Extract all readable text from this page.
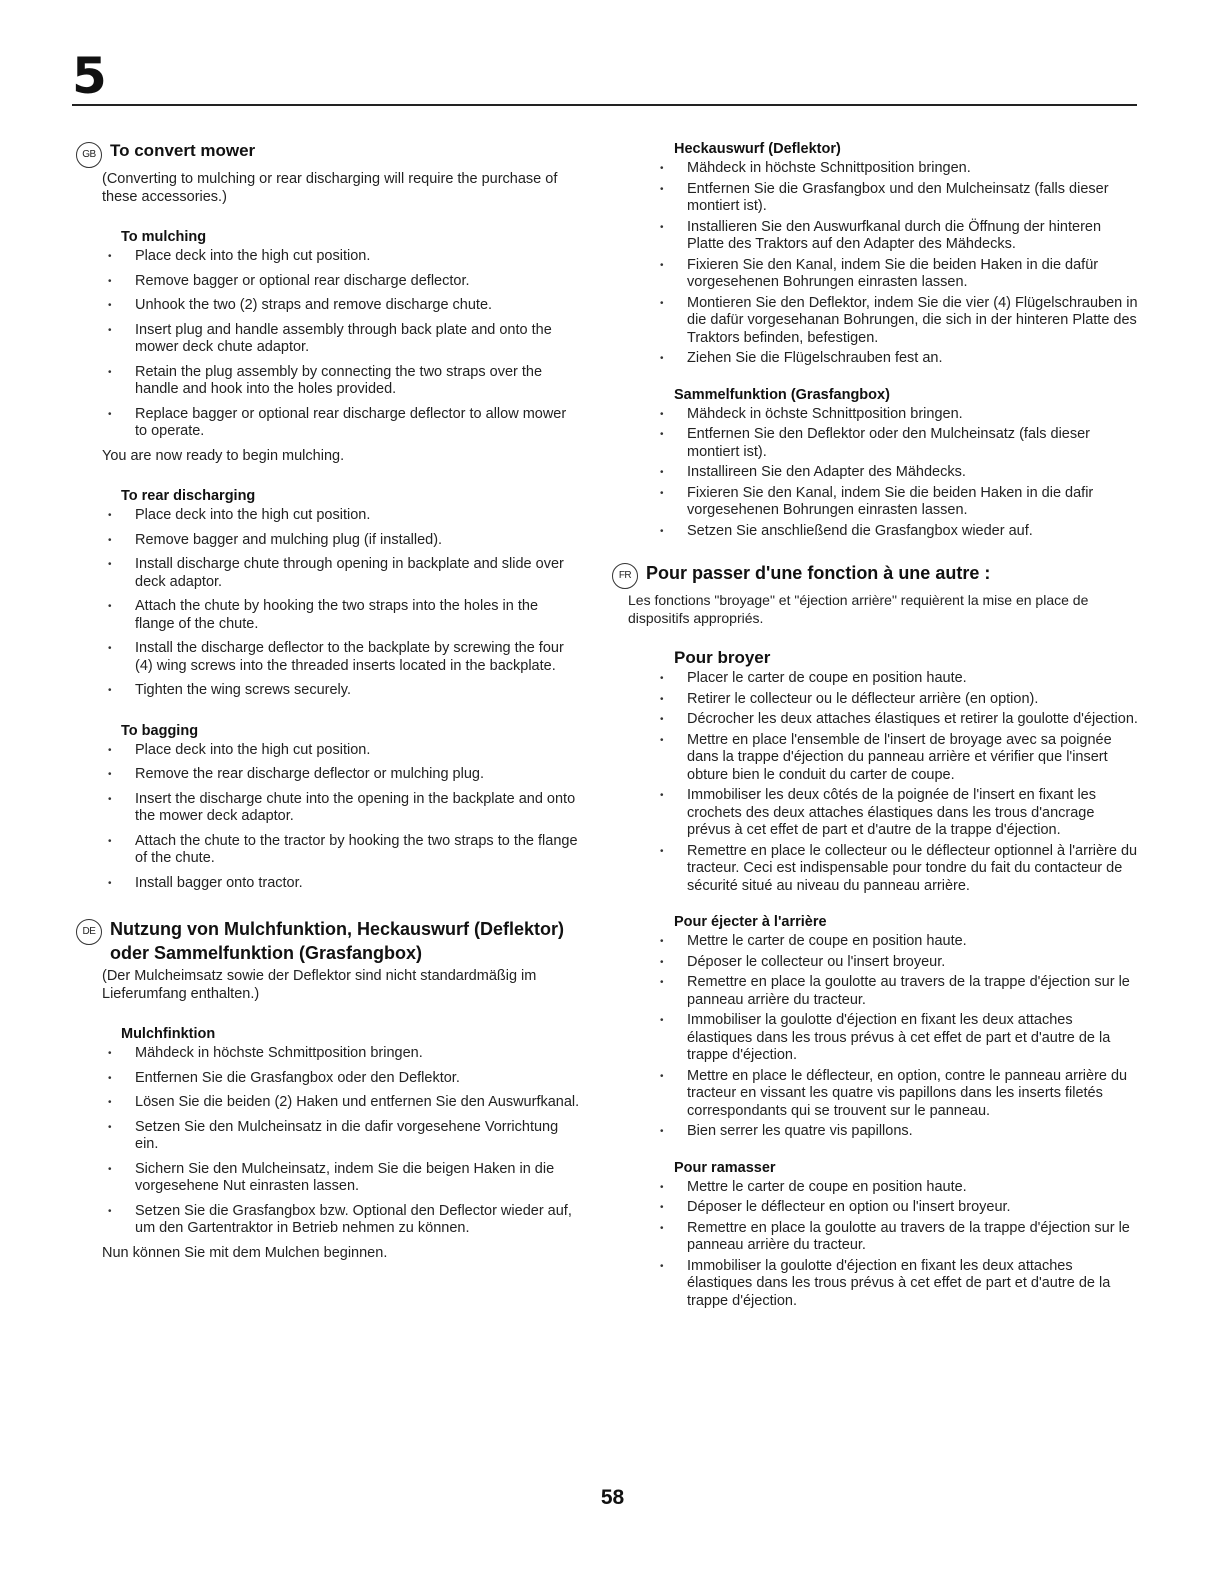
5
GB To convert mower
(Converting to mulching or rear discharging will require the purchase of these accessories.)
To mulching
• Place deck into the high cut position.
• Remove bagger or optional rear discharge deflector.
• Unhook the two (2) straps and remove discharge chute.
• Insert plug and handle assembly through back plate and onto the mower deck chute adaptor.
• Retain the plug assembly by connecting the two straps over the handle and hook into the holes provided.
• Replace bagger or optional rear discharge deflector to allow mower to operate.
You are now ready to begin mulching.
To rear discharging
• Place deck into the high cut position.
• Remove bagger and mulching plug (if installed).
• Install discharge chute through opening in backplate and slide over deck adaptor.
• Attach the chute by hooking the two straps into the holes in the flange of the chute.
• Install the discharge deflector to the backplate by screwing the four (4) wing screws into the threaded inserts located in the backplate.
• Tighten the wing screws securely.
To bagging
• Place deck into the high cut position.
• Remove the rear discharge deflector or mulching plug.
• Insert the discharge chute into the opening in the backplate and onto the mower deck adaptor.
• Attach the chute to the tractor by hooking the two straps to the flange of the chute.
• Install bagger onto tractor.
DE Nutzung von Mulchfunktion, Heckauswurf (Deflektor) oder Sammelfunktion (Grasfangbox)
(Der Mulcheimsatz sowie der Deflektor sind nicht standardmäßig im Lieferumfang enthalten.)
Mulchfinktion
• Mähdeck in höchste Schmittposition bringen.
• Entfernen Sie die Grasfangbox oder den Deflektor.
• Lösen Sie die beiden (2) Haken und entfernen Sie den Auswurfkanal.
• Setzen Sie den Mulcheinsatz in die dafir vorgesehene Vorrichtung ein.
• Sichern Sie den Mulcheinsatz, indem Sie die beigen Haken in die vorgesehene Nut einrasten lassen.
• Setzen Sie die Grasfangbox bzw. Optional den Deflector wieder auf, um den Gartentraktor in Betrieb nehmen zu können.
Nun können Sie mit dem Mulchen beginnen.
Heckauswurf (Deflektor)
• Mähdeck in höchste Schnittposition bringen.
• Entfernen Sie die Grasfangbox und den Mulcheinsatz (falls dieser montiert ist).
• Installieren Sie den Auswurfkanal durch die Öffnung der hinteren Platte des Traktors auf den Adapter des Mähdecks.
• Fixieren Sie den Kanal, indem Sie die beiden Haken in die dafür vorgesehenen Bohrungen einrasten lassen.
• Montieren Sie den Deflektor, indem Sie die vier (4) Flügelschrauben in die dafür vorgesehanan Bohrungen, die sich in der hinteren Platte des Traktors befinden, befestigen.
• Ziehen Sie die Flügelschrauben fest an.
Sammelfunktion (Grasfangbox)
• Mähdeck in öchste Schnittposition bringen.
• Entfernen Sie den Deflektor oder den Mulcheinsatz (fals dieser montiert ist).
• Installireen Sie den Adapter des Mähdecks.
• Fixieren Sie den Kanal, indem Sie die beiden Haken in die dafir vorgesehenen Bohrungen einrasten lassen.
• Setzen Sie anschließend die Grasfangbox wieder auf.
FR Pour passer d'une fonction à une autre :
Les fonctions "broyage" et "éjection arrière" requièrent la mise en place de dispositifs appropriés.
Pour broyer
• Placer le carter de coupe en position haute.
• Retirer le collecteur ou le déflecteur arrière (en option).
• Décrocher les deux attaches élastiques et retirer la goulotte d'éjection.
• Mettre en place l'ensemble de l'insert de broyage avec sa poignée dans la trappe d'éjection du panneau arrière et vérifier que l'insert obture bien le conduit du carter de coupe.
• Immobiliser les deux côtés de la poignée de l'insert en fixant les crochets des deux attaches élastiques dans les trous d'ancrage prévus à cet effet de part et d'autre de la trappe d'éjection.
• Remettre en place le collecteur ou le déflecteur optionnel à l'arrière du tracteur. Ceci est indispensable pour tondre du fait du contacteur de sécurité situé au niveau du panneau arrière.
Pour éjecter à l'arrière
• Mettre le carter de coupe en position haute.
• Déposer le collecteur ou l'insert broyeur.
• Remettre en place la goulotte au travers de la trappe d'éjection sur le panneau arrière du tracteur.
• Immobiliser la goulotte d'éjection en fixant les deux attaches élastiques dans les trous prévus à cet effet de part et d'autre de la trappe d'éjection.
• Mettre en place le déflecteur, en option, contre le panneau arrière du tracteur en vissant les quatre vis papillons dans les inserts filetés correspondants qui se trouvent sur le panneau.
• Bien serrer les quatre vis papillons.
Pour ramasser
• Mettre le carter de coupe en position haute.
• Déposer le déflecteur en option ou l'insert broyeur.
• Remettre en place la goulotte au travers de la trappe d'éjection sur le panneau arrière du tracteur.
• Immobiliser la goulotte d'éjection en fixant les deux attaches élastiques dans les trous prévus à cet effet de part et d'autre de la trappe d'éjection.
58
